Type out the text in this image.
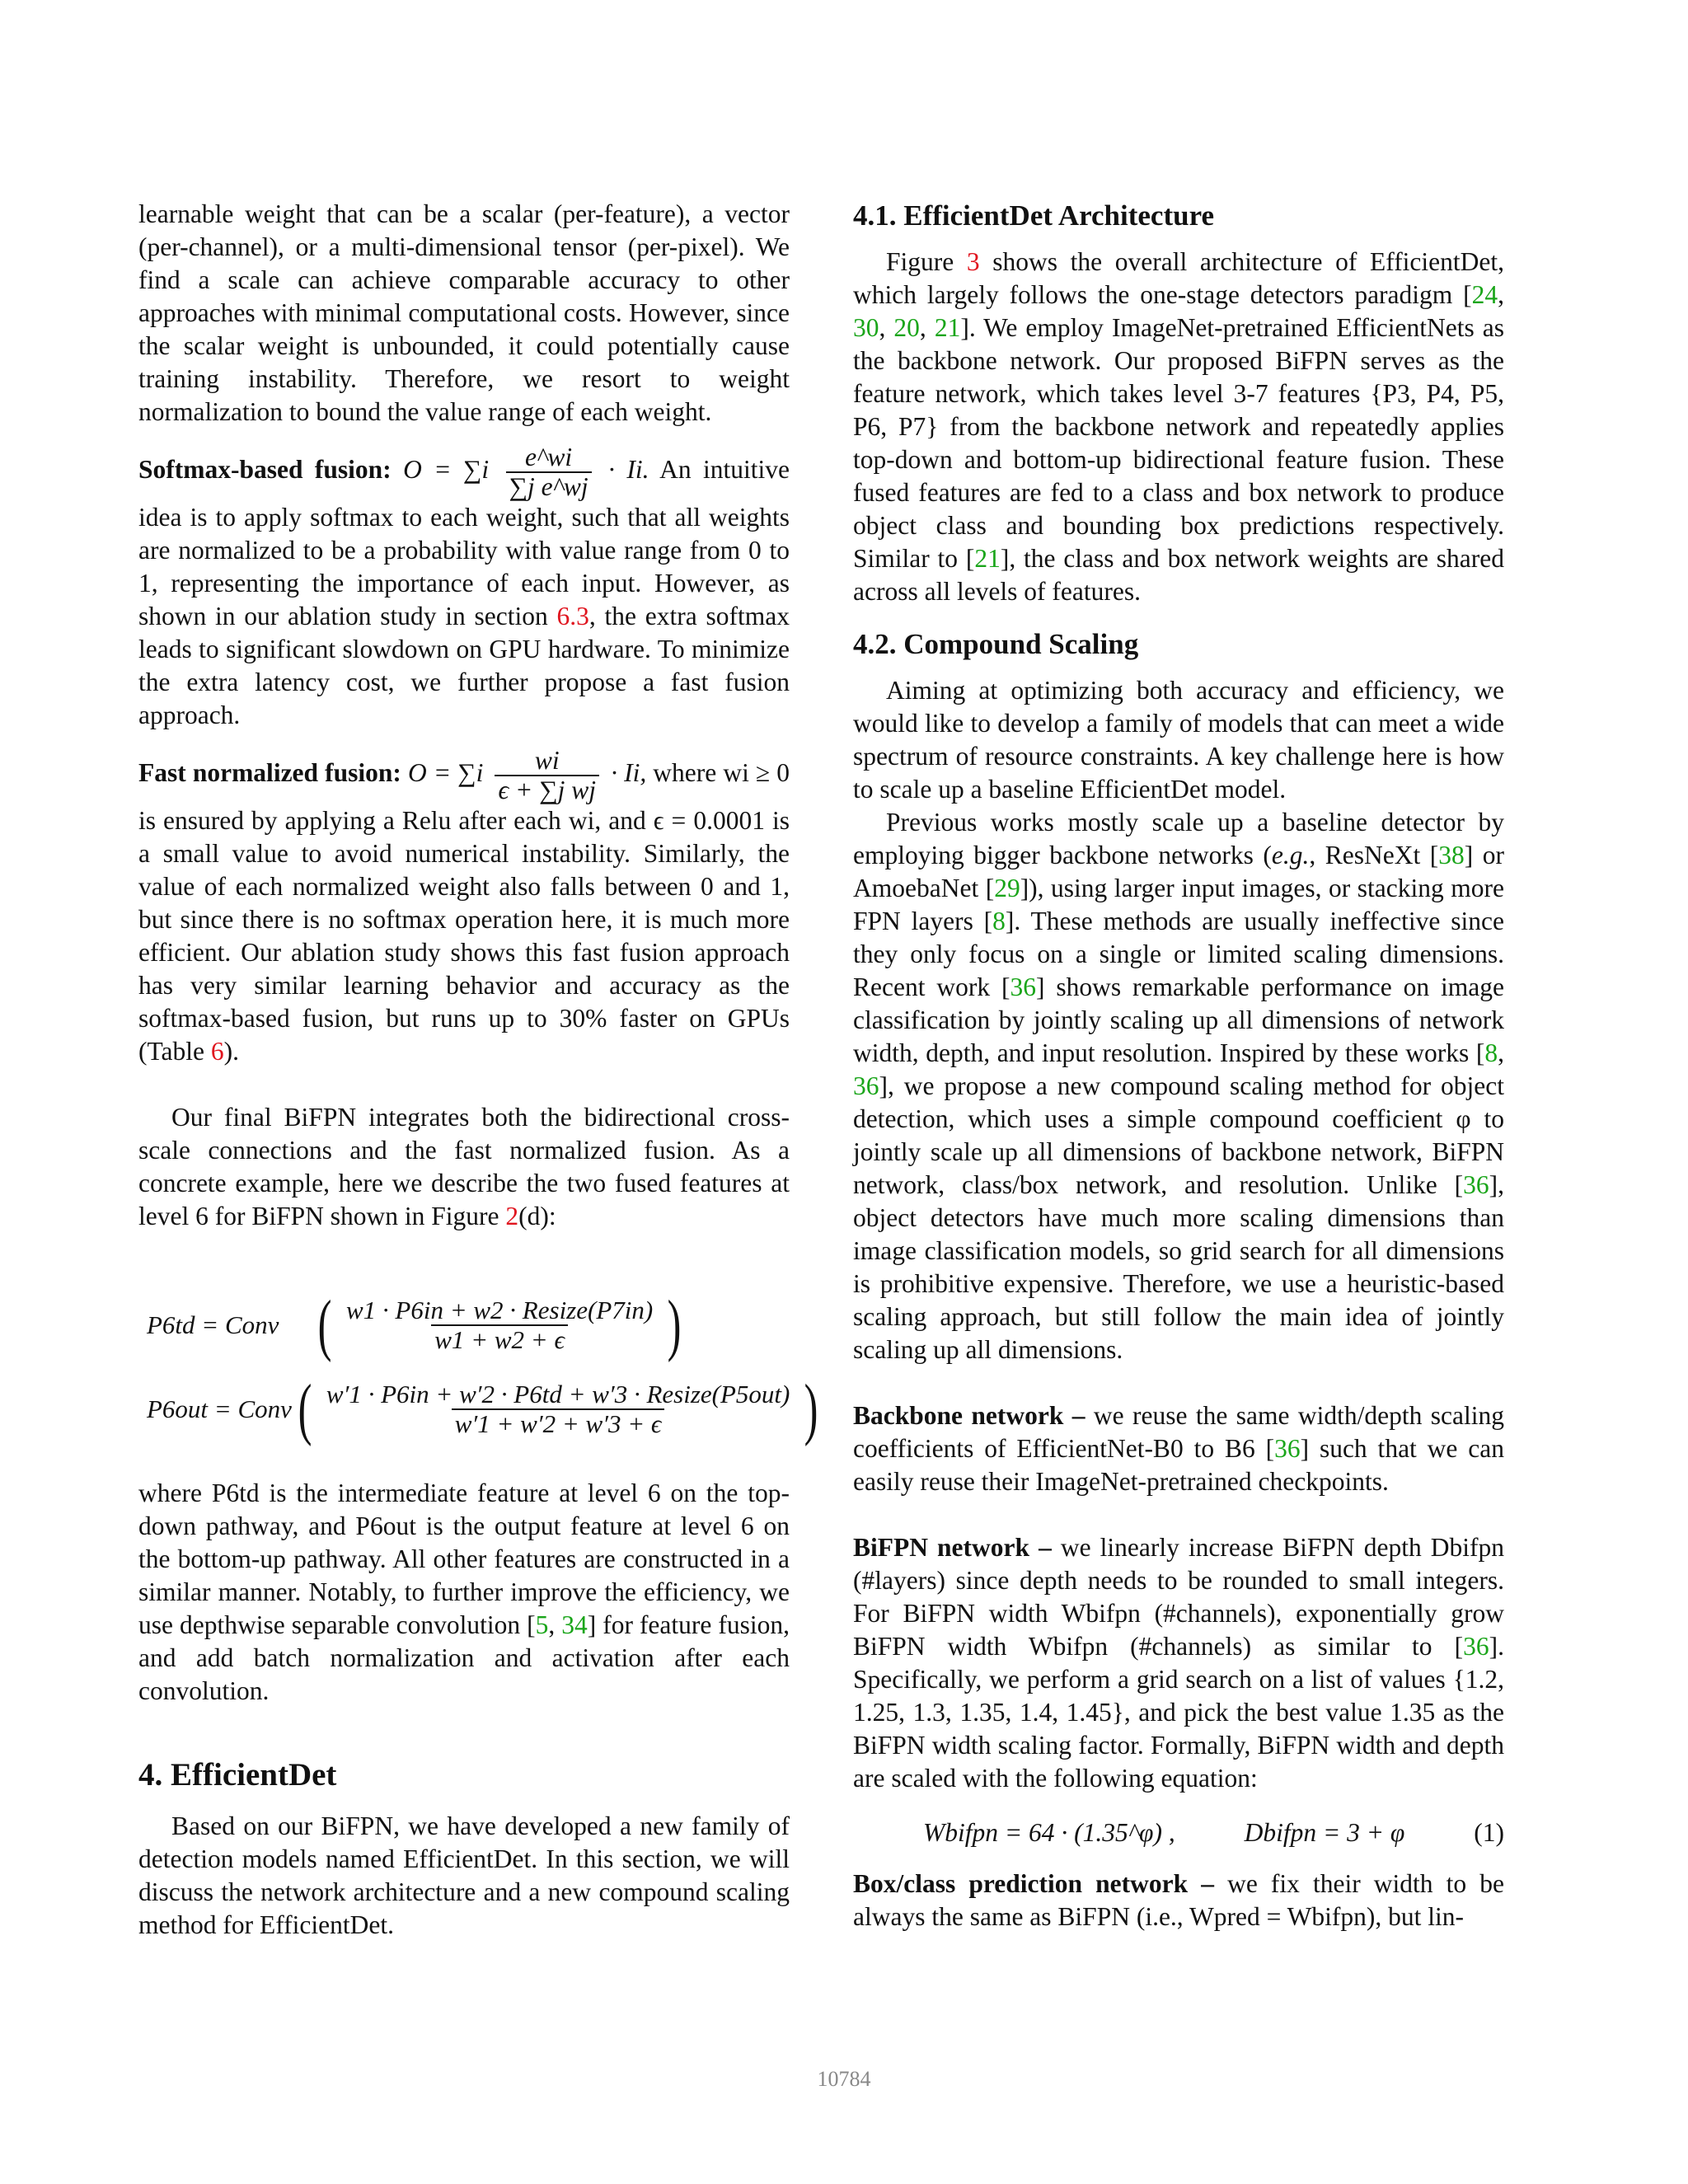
learnable weight that can be a scalar (per-feature), a vector (per-channel), or a multi-dimensional tensor (per-pixel). We find a scale can achieve comparable accuracy to other approaches with minimal computational costs. However, since the scalar weight is unbounded, it could potentially cause training instability. Therefore, we resort to weight normalization to bound the value range of each weight.

Softmax-based fusion: $O = \sum i \frac{e\^{}wi}{\text{∑j e\textasciicircum{}wj}} \cdot Ii$. An intuitive idea is to apply softmax to each weight, such that all weights are normalized to be a probability with value range from 0 to 1, representing the importance of each input. However, as shown in our ablation study in section 6.3, the extra softmax leads to significant slowdown on GPU hardware. To minimize the extra latency cost, we further propose a fast fusion approach.

Fast normalized fusion: $O = \sum i \frac{wi}{\text{ϵ + ∑j wj}} \cdot Ii$, where wi ≥ 0 is ensured by applying a Relu after each wi, and ϵ = 0.0001 is a small value to avoid numerical instability. Similarly, the value of each normalized weight also falls between 0 and 1, but since there is no softmax operation here, it is much more efficient. Our ablation study shows this fast fusion approach has very similar learning behavior and accuracy as the softmax-based fusion, but runs up to 30% faster on GPUs (Table 6).

Our final BiFPN integrates both the bidirectional cross-scale connections and the fast normalized fusion. As a concrete example, here we describe the two fused features at level 6 for BiFPN shown in Figure 2(d):

P6td = Conv ( $\frac{\text{w1 · P6in + w2 · Resize(P7in)}}{w1 + w2 + \epsilon}$ )
P6out = Conv ( $\frac{\text{w′1 · P6in + w′2 · P6td + w′3 · Resize(P5out)}}{w'1 + w'2 + w'3 + \epsilon}$ )

where P6td is the intermediate feature at level 6 on the top-down pathway, and P6out is the output feature at level 6 on the bottom-up pathway. All other features are constructed in a similar manner. Notably, to further improve the efficiency, we use depthwise separable convolution [5, 34] for feature fusion, and add batch normalization and activation after each convolution.

4. EfficientDet

Based on our BiFPN, we have developed a new family of detection models named EfficientDet. In this section, we will discuss the network architecture and a new compound scaling method for EfficientDet.

4.1. EfficientDet Architecture

Figure 3 shows the overall architecture of EfficientDet, which largely follows the one-stage detectors paradigm [24, 30, 20, 21]. We employ ImageNet-pretrained EfficientNets as the backbone network. Our proposed BiFPN serves as the feature network, which takes level 3-7 features {P3, P4, P5, P6, P7} from the backbone network and repeatedly applies top-down and bottom-up bidirectional feature fusion. These fused features are fed to a class and box network to produce object class and bounding box predictions respectively. Similar to [21], the class and box network weights are shared across all levels of features.

4.2. Compound Scaling

Aiming at optimizing both accuracy and efficiency, we would like to develop a family of models that can meet a wide spectrum of resource constraints. A key challenge here is how to scale up a baseline EfficientDet model.

Previous works mostly scale up a baseline detector by employing bigger backbone networks (e.g., ResNeXt [38] or AmoebaNet [29]), using larger input images, or stacking more FPN layers [8]. These methods are usually ineffective since they only focus on a single or limited scaling dimensions. Recent work [36] shows remarkable performance on image classification by jointly scaling up all dimensions of network width, depth, and input resolution. Inspired by these works [8, 36], we propose a new compound scaling method for object detection, which uses a simple compound coefficient φ to jointly scale up all dimensions of backbone network, BiFPN network, class/box network, and resolution. Unlike [36], object detectors have much more scaling dimensions than image classification models, so grid search for all dimensions is prohibitive expensive. Therefore, we use a heuristic-based scaling approach, but still follow the main idea of jointly scaling up all dimensions.

Backbone network – we reuse the same width/depth scaling coefficients of EfficientNet-B0 to B6 [36] such that we can easily reuse their ImageNet-pretrained checkpoints.

BiFPN network – we linearly increase BiFPN depth Dbifpn (#layers) since depth needs to be rounded to small integers. For BiFPN width Wbifpn (#channels), exponentially grow BiFPN width Wbifpn (#channels) as similar to [36]. Specifically, we perform a grid search on a list of values {1.2, 1.25, 1.3, 1.35, 1.4, 1.45}, and pick the best value 1.35 as the BiFPN width scaling factor. Formally, BiFPN width and depth are scaled with the following equation:

Wbifpn = 64 · (1.35^φ) ,	Dbifpn = 3 + φ	(1)

Box/class prediction network – we fix their width to be always the same as BiFPN (i.e., Wpred = Wbifpn), but lin-

10784
